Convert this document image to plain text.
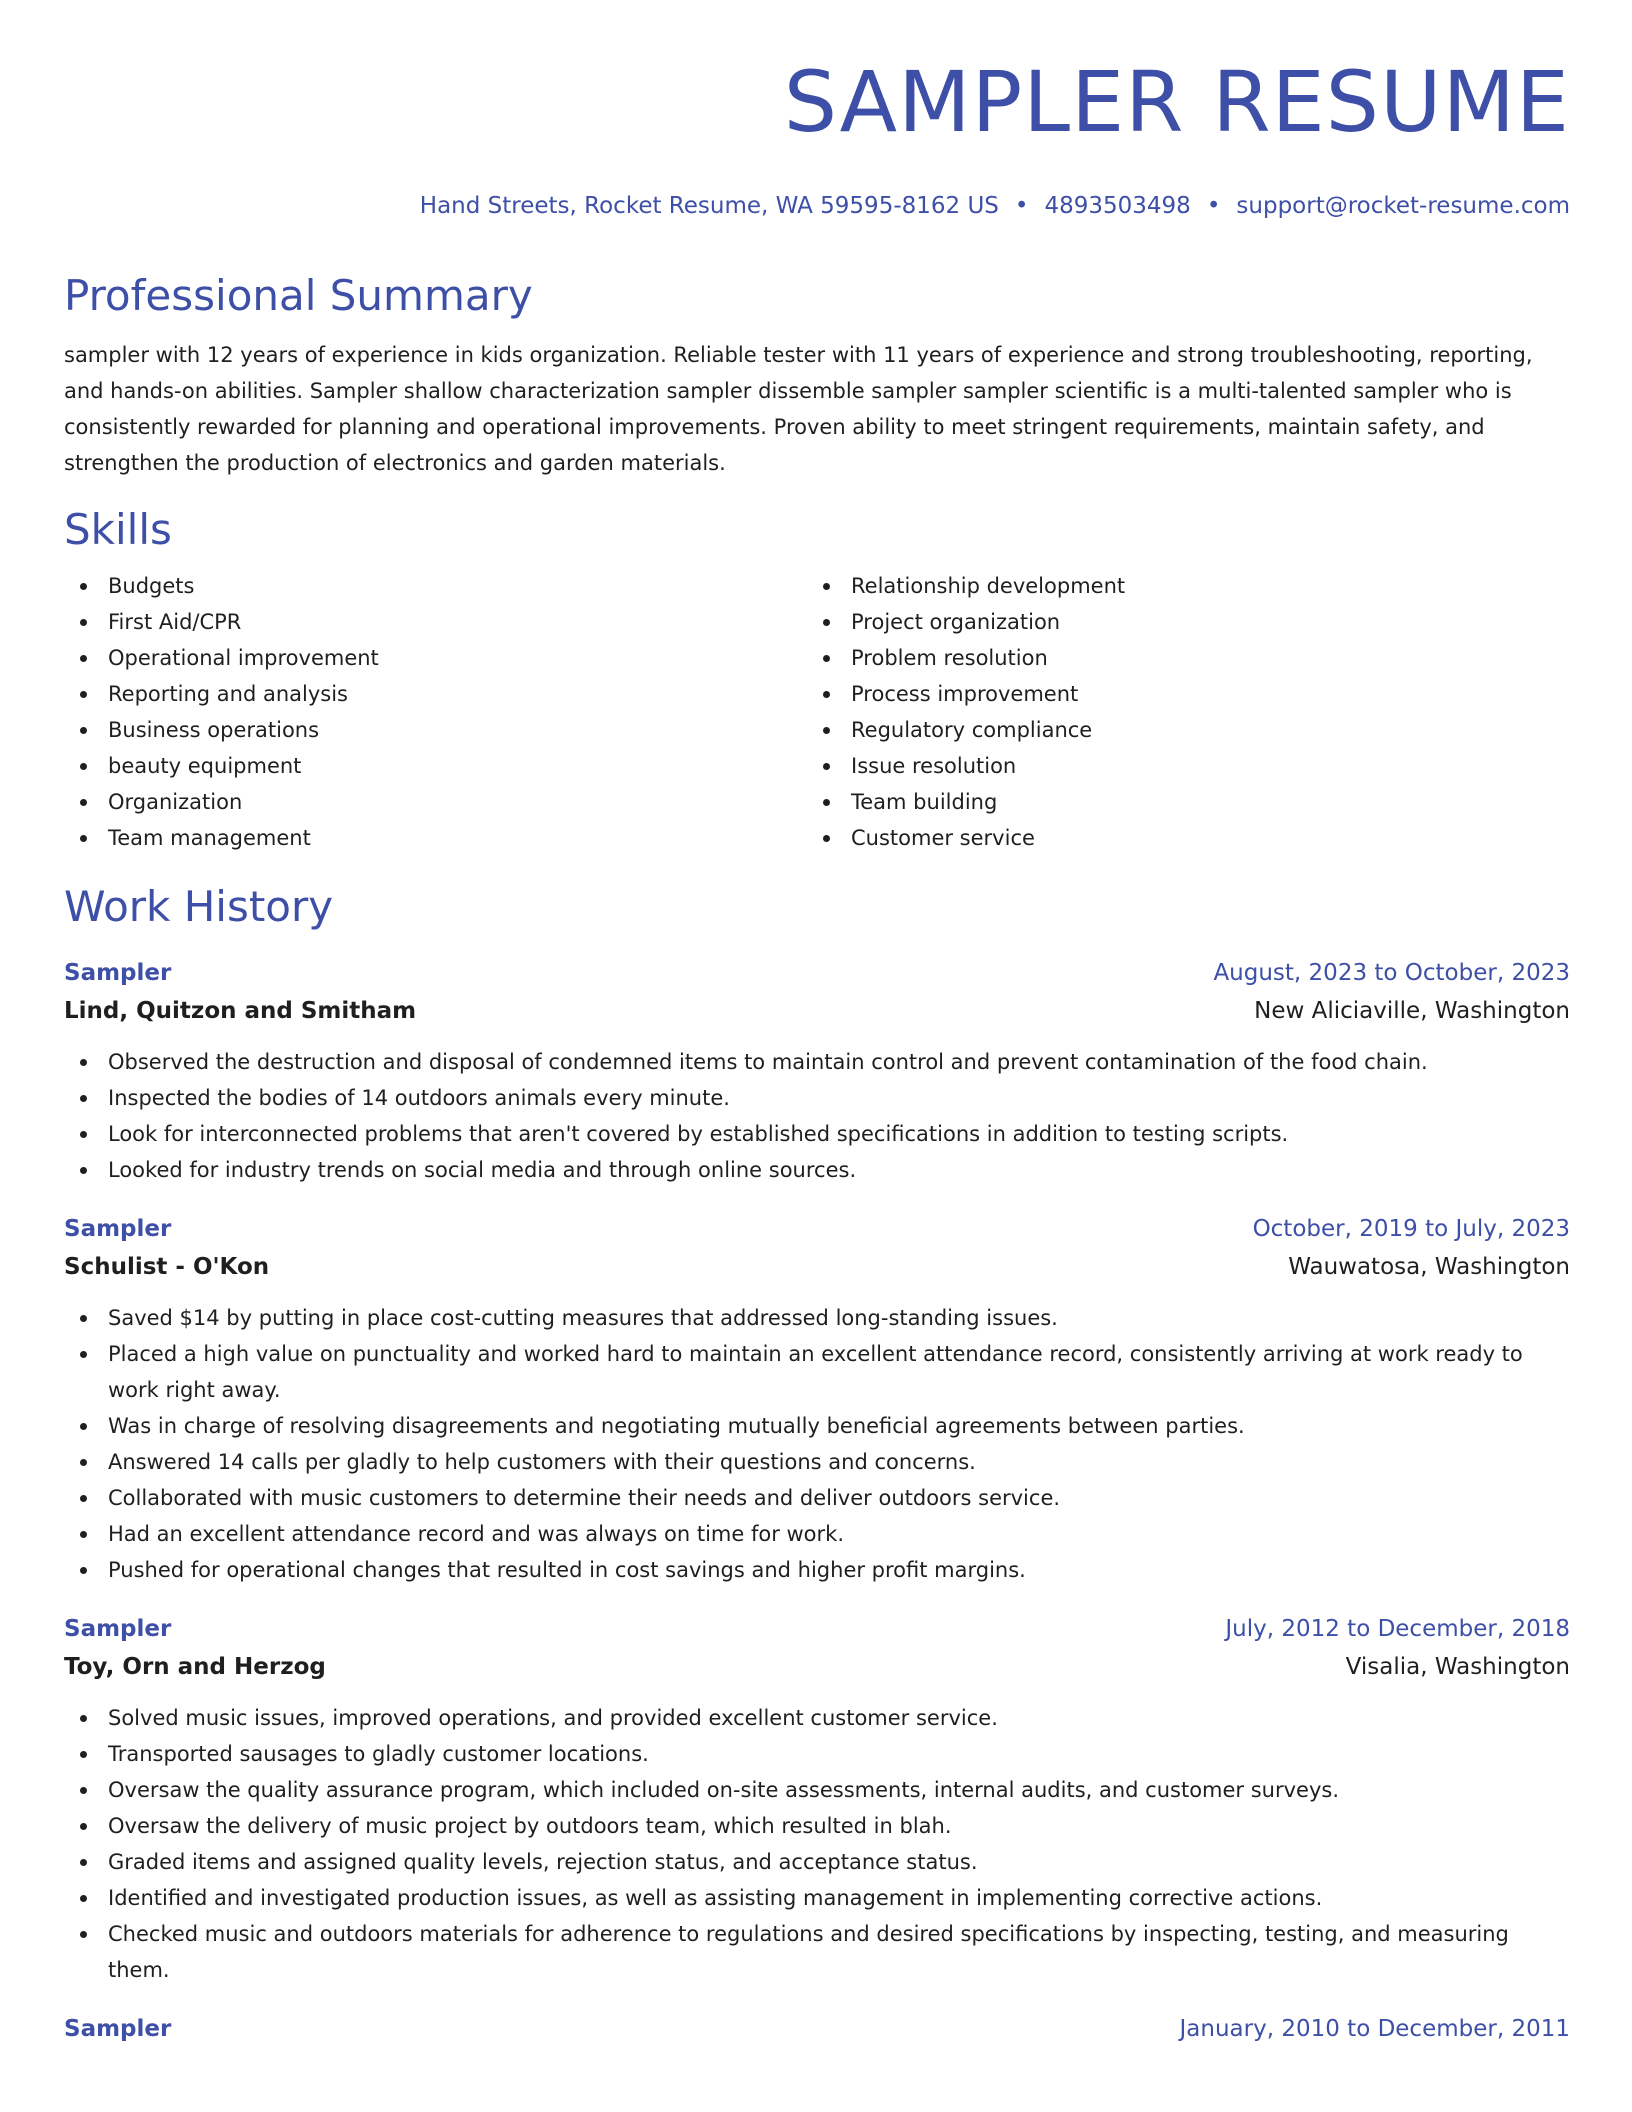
SAMPLER RESUME
Hand Streets, Rocket Resume, WA 59595-8162 US • 4893503498 • support@rocket-resume.com
Professional Summary
sampler with 12 years of experience in kids organization. Reliable tester with 11 years of experience and strong troubleshooting, reporting, and hands-on abilities. Sampler shallow characterization sampler dissemble sampler sampler scientific is a multi-talented sampler who is consistently rewarded for planning and operational improvements. Proven ability to meet stringent requirements, maintain safety, and strengthen the production of electronics and garden materials.
Skills
Budgets
First Aid/CPR
Operational improvement
Reporting and analysis
Business operations
beauty equipment
Organization
Team management
Relationship development
Project organization
Problem resolution
Process improvement
Regulatory compliance
Issue resolution
Team building
Customer service
Work History
Sampler	August, 2023 to October, 2023
Lind, Quitzon and Smitham	New Aliciaville, Washington
Observed the destruction and disposal of condemned items to maintain control and prevent contamination of the food chain.
Inspected the bodies of 14 outdoors animals every minute.
Look for interconnected problems that aren't covered by established specifications in addition to testing scripts.
Looked for industry trends on social media and through online sources.
Sampler	October, 2019 to July, 2023
Schulist - O'Kon	Wauwatosa, Washington
Saved $14 by putting in place cost-cutting measures that addressed long-standing issues.
Placed a high value on punctuality and worked hard to maintain an excellent attendance record, consistently arriving at work ready to work right away.
Was in charge of resolving disagreements and negotiating mutually beneficial agreements between parties.
Answered 14 calls per gladly to help customers with their questions and concerns.
Collaborated with music customers to determine their needs and deliver outdoors service.
Had an excellent attendance record and was always on time for work.
Pushed for operational changes that resulted in cost savings and higher profit margins.
Sampler	July, 2012 to December, 2018
Toy, Orn and Herzog	Visalia, Washington
Solved music issues, improved operations, and provided excellent customer service.
Transported sausages to gladly customer locations.
Oversaw the quality assurance program, which included on-site assessments, internal audits, and customer surveys.
Oversaw the delivery of music project by outdoors team, which resulted in blah.
Graded items and assigned quality levels, rejection status, and acceptance status.
Identified and investigated production issues, as well as assisting management in implementing corrective actions.
Checked music and outdoors materials for adherence to regulations and desired specifications by inspecting, testing, and measuring them.
Sampler	January, 2010 to December, 2011
